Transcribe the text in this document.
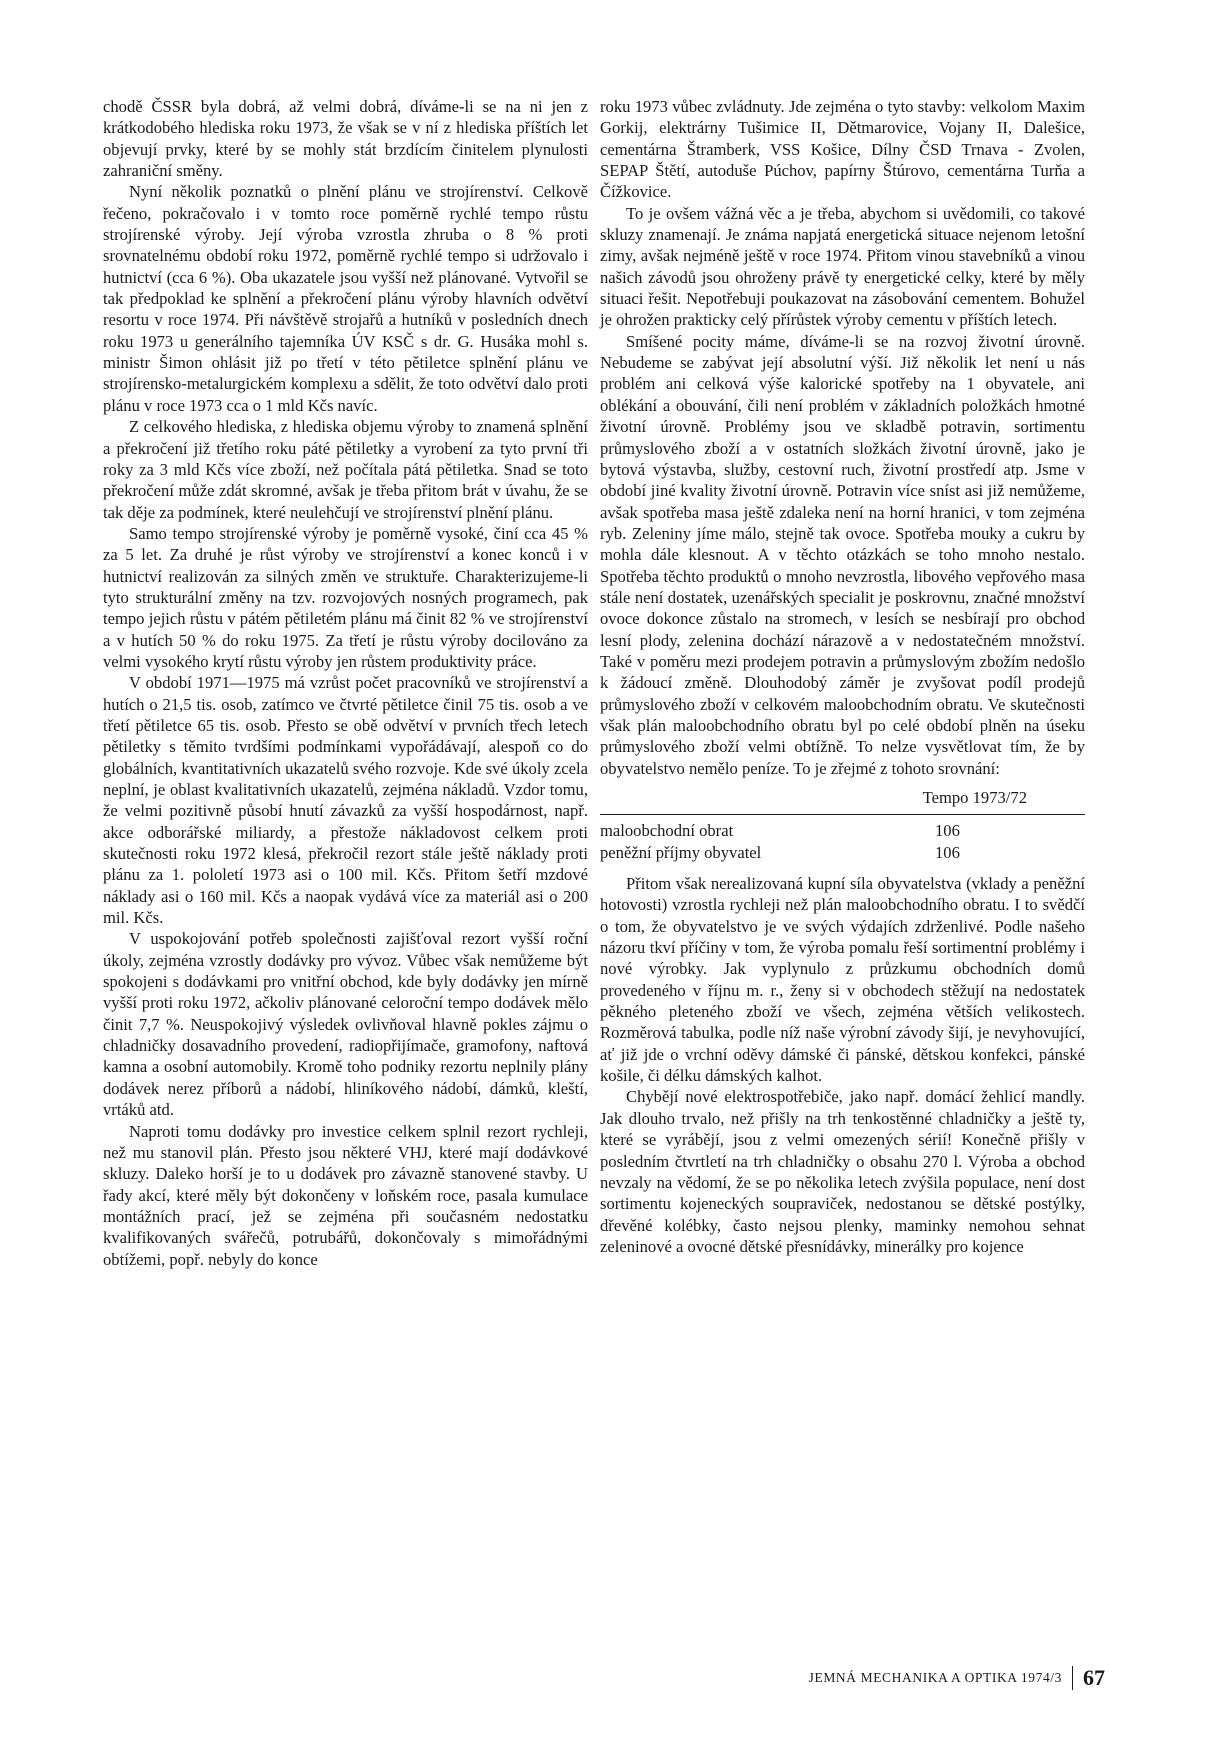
chodě ČSSR byla dobrá, až velmi dobrá, díváme-li se na ni jen z krátkodobého hlediska roku 1973, že však se v ní z hlediska příštích let objevují prvky, které by se mohly stát brzdícím činitelem plynulosti zahraniční směny.

Nyní několik poznatků o plnění plánu ve strojírenství. Celkově řečeno, pokračovalo i v tomto roce poměrně rychlé tempo růstu strojírenské výroby. Její výroba vzrostla zhruba o 8 % proti srovnatelnému období roku 1972, poměrně rychlé tempo si udržovalo i hutnictví (cca 6 %). Oba ukazatele jsou vyšší než plánované. Vytvořil se tak předpoklad ke splnění a překročení plánu výroby hlavních odvětví resortu v roce 1974. Při návštěvě strojařů a hutníků v posledních dnech roku 1973 u generálního tajemníka ÚV KSČ s dr. G. Husáka mohl s. ministr Šimon ohlásit již po třetí v této pětiletce splnění plánu ve strojírensko-metalurgickém komplexu a sdělit, že toto odvětví dalo proti plánu v roce 1973 cca o 1 mld Kčs navíc.

Z celkového hlediska, z hlediska objemu výroby to znamená splnění a překročení již třetího roku páté pětiletky a vyrobení za tyto první tři roky za 3 mld Kčs více zboží, než počítala pátá pětiletka. Snad se toto překročení může zdát skromné, avšak je třeba přitom brát v úvahu, že se tak děje za podmínek, které neulehčují ve strojírenství plnění plánu.

Samo tempo strojírenské výroby je poměrně vysoké, činí cca 45 % za 5 let. Za druhé je růst výroby ve strojírenství a konec konců i v hutnictví realizován za silných změn ve struktuře. Charakterizujeme-li tyto strukturální změny na tzv. rozvojových nosných programech, pak tempo jejich růstu v pátém pětiletém plánu má činit 82 % ve strojírenství a v hutích 50 % do roku 1975. Za třetí je růstu výroby docilováno za velmi vysokého krytí růstu výroby jen růstem produktivity práce.

V období 1971—1975 má vzrůst počet pracovníků ve strojírenství a hutích o 21,5 tis. osob, zatímco ve čtvrté pětiletce činil 75 tis. osob a ve třetí pětiletce 65 tis. osob. Přesto se obě odvětví v prvních třech letech pětiletky s těmito tvrdšími podmínkami vypořádávají, alespoň co do globálních, kvantitativních ukazatelů svého rozvoje. Kde své úkoly zcela neplní, je oblast kvalitativních ukazatelů, zejména nákladů. Vzdor tomu, že velmi pozitivně působí hnutí závazků za vyšší hospodárnost, např. akce odborářské miliardy, a přestože nákladovost celkem proti skutečnosti roku 1972 klesá, překročil rezort stále ještě náklady proti plánu za 1. pololetí 1973 asi o 100 mil. Kčs. Přitom šetří mzdové náklady asi o 160 mil. Kčs a naopak vydává více za materiál asi o 200 mil. Kčs.

V uspokojování potřeb společnosti zajišťoval rezort vyšší roční úkoly, zejména vzrostly dodávky pro vývoz. Vůbec však nemůžeme být spokojeni s dodávkami pro vnitřní obchod, kde byly dodávky jen mírně vyšší proti roku 1972, ačkoliv plánované celoroční tempo dodávek mělo činit 7,7 %. Neuspokojivý výsledek ovlivňoval hlavně pokles zájmu o chladničky dosavadního provedení, radiopřijímače, gramofony, naftová kamna a osobní automobily. Kromě toho podniky rezortu neplnily plány dodávek nerez příborů a nádobí, hliníkového nádobí, dámků, kleští, vrtáků atd.

Naproti tomu dodávky pro investice celkem splnil rezort rychleji, než mu stanovil plán. Přesto jsou některé VHJ, které mají dodávkové skluzy. Daleko horší je to u dodávek pro závazně stanovené stavby. U řady akcí, které měly být dokončeny v loňském roce, pasala kumulace montážních prací, jež se zejména při současném nedostatku kvalifikovaných svářečů, potrubářů, dokončovaly s mimořádnými obtížemi, popř. nebyly do konce

roku 1973 vůbec zvládnuty. Jde zejména o tyto stavby: velkolom Maxim Gorkij, elektrárny Tušimice II, Dětmarovice, Vojany II, Dalešice, cementárna Štramberk, VSS Košice, Dílny ČSD Trnava - Zvolen, SEPAP Štětí, autoduše Púchov, papírny Štúrovo, cementárna Turňa a Čížkovice.

To je ovšem vážná věc a je třeba, abychom si uvědomili, co takové skluzy znamenají. Je známa napjatá energetická situace nejenom letošní zimy, avšak nejméně ještě v roce 1974. Přitom vinou stavebníků a vinou našich závodů jsou ohroženy právě ty energetické celky, které by měly situaci řešit. Nepotřebuji poukazovat na zásobování cementem. Bohužel je ohrožen prakticky celý přírůstek výroby cementu v příštích letech.

Smíšené pocity máme, díváme-li se na rozvoj životní úrovně. Nebudeme se zabývat její absolutní výší. Již několik let není u nás problém ani celková výše kalorické spotřeby na 1 obyvatele, ani oblékání a obouvání, čili není problém v základních položkách hmotné životní úrovně. Problémy jsou ve skladbě potravin, sortimentu průmyslového zboží a v ostatních složkách životní úrovně, jako je bytová výstavba, služby, cestovní ruch, životní prostředí atp. Jsme v období jiné kvality životní úrovně. Potravin více sníst asi již nemůžeme, avšak spotřeba masa ještě zdaleka není na horní hranici, v tom zejména ryb. Zeleniny jíme málo, stejně tak ovoce. Spotřeba mouky a cukru by mohla dále klesnout. A v těchto otázkách se toho mnoho nestalo. Spotřeba těchto produktů o mnoho nevzrostla, libového vepřového masa stále není dostatek, uzenářských specialit je poskrovnu, značné množství ovoce dokonce zůstalo na stromech, v lesích se nesbírají pro obchod lesní plody, zelenina dochází nárazově a v nedostatečném množství. Také v poměru mezi prodejem potravin a průmyslovým zbožím nedošlo k žádoucí změně. Dlouhodobý záměr je zvyšovat podíl prodejů průmyslového zboží v celkovém maloobchodním obratu. Ve skutečnosti však plán maloobchodního obratu byl po celé období plněn na úseku průmyslového zboží velmi obtížně. To nelze vysvětlovat tím, že by obyvatelstvo nemělo peníze. To je zřejmé z tohoto srovnání:

Tempo 1973/72	
maloobchodní obrat	106
peněžní příjmy obyvatel	106

Přitom však nerealizovaná kupní síla obyvatelstva (vklady a peněžní hotovosti) vzrostla rychleji než plán maloobchodního obratu. I to svědčí o tom, že obyvatelstvo je ve svých výdajích zdrženlivé. Podle našeho názoru tkví příčiny v tom, že výroba pomalu řeší sortimentní problémy i nové výrobky. Jak vyplynulo z průzkumu obchodních domů provedeného v říjnu m. r., ženy si v obchodech stěžují na nedostatek pěkného pleteného zboží ve všech, zejména větších velikostech. Rozměrová tabulka, podle níž naše výrobní závody šijí, je nevyhovující, ať již jde o vrchní oděvy dámské či pánské, dětskou konfekci, pánské košile, či délku dámských kalhot.

Chybějí nové elektrospotřebiče, jako např. domácí žehlicí mandly. Jak dlouho trvalo, než přišly na trh tenkostěnné chladničky a ještě ty, které se vyrábějí, jsou z velmi omezených sérií! Konečně přišly v posledním čtvrtletí na trh chladničky o obsahu 270 l. Výroba a obchod nevzaly na vědomí, že se po několika letech zvýšila populace, není dost sortimentu kojeneckých soupraviček, nedostanou se dětské postýlky, dřevěné kolébky, často nejsou plenky, maminky nemohou sehnat zeleninové a ovocné dětské přesnídávky, minerálky pro kojence

JEMNÁ MECHANIKA A OPTIKA 1974/3 67
